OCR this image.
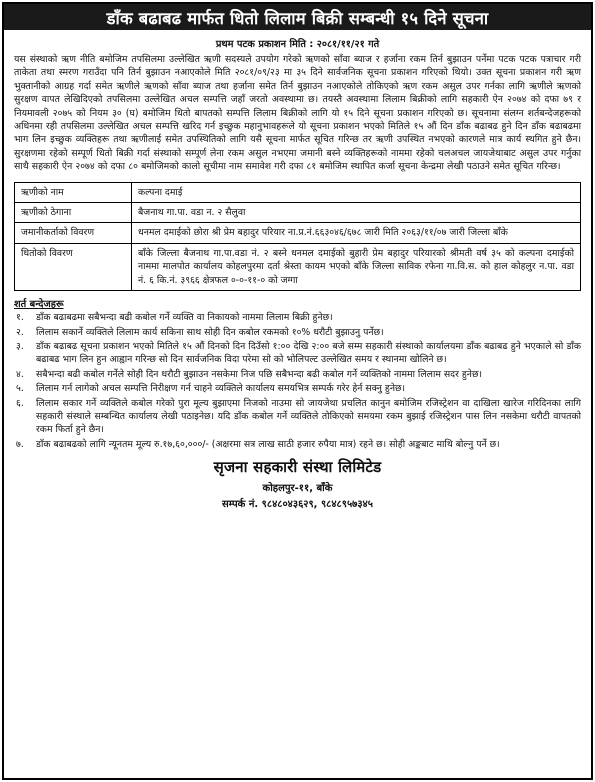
डाँक बढाबढ मार्फत धितो लिलाम बिक्री सम्बन्धी १५ दिने सूचना
प्रथम पटक प्रकाशन मिति : २०८१/११/२१ गते

यस संस्थाको ऋण नीति बमोजिम तपसिलमा उल्लेखित ऋणी सदस्यले उपयोग गरेको ऋणको साँवा ब्याज र हर्जाना रकम तिर्न बुझाउन पर्नेमा पटक पटक पत्राचार गरी ताकेता तथा स्मरण गराउँदा पनि तिर्न बुझाउन नआएकोले मिति २०८१/०९/२३ मा ३५ दिने सार्वजनिक सूचना प्रकाशन गरिएको थियो। उक्त सूचना प्रकाशन गरी ऋण भुक्तानीको आग्रह गर्दा समेत ऋणीले ऋणको साँवा ब्याज तथा हर्जाना समेत तिर्न बुझाउन नआएकोले तोकिएको ऋण रकम असुल उपर गर्नका लागि ऋणीले ऋणको सुरक्षण वापत लेखिदिएको तपसिलमा उल्लेखित अचल सम्पत्ति जहाँ जरतो अवस्थामा छ। तयस्तै अवस्थामा लिलाम बिक्रीको लागि सहकारी ऐन २०७४ को दफा ७९ र नियमावली २०७५ को नियम ३० (घ) बमोजिम धितो बापतको सम्पत्ति लिलाम बिक्रीको लागि यो १५ दिने सूचना प्रकाशन गरिएको छ। सूचनामा संलग्न शर्तबन्देजहरूको अधिनमा रही तपसिलमा उल्लेखित अचल सम्पत्ति खरिद गर्न इच्छुक महानुभावहरूले यो सूचना प्रकाशन भएको मितिले १५ औं दिन डाँक बढाबढ हुने दिन डाँक बढाबढमा भाग लिन इच्छुक व्यक्तिहरू तथा ऋणीलाई समेत उपस्थितिको लागि यसै सूचना मार्फत सूचित गरिन्छ तर ऋणी उपस्थित नभएको कारणले मात्र कार्य स्थगित हुने छैन। सुरक्षणमा रहेको सम्पूर्ण धितो बिक्री गर्दा संस्थाको सम्पूर्ण लेना रकम असुल नभएमा जमानी बस्ने व्यक्तिहरूको नाममा रहेको चलअचल जायजेथाबाट असुल उपर गर्नुका साथै सहकारी ऐन २०७४ को दफा ८० बमोजिमको कालो सूचीमा नाम समावेश गरी दफा ८१ बमोजिम स्थापित कर्जा सूचना केन्द्रमा लेखी पठाउने समेत सूचित गरिन्छ।

ऋणीको नाम	कल्पना दमाई
ऋणीको ठेगाना	बैजनाथ गा.पा. वडा न. २ सैलुवा
जमानीकर्ताको विवरण	धनमल दमाईको छोरा श्री प्रेम बहादुर परियार ना.प्र.नं.६६३०४६/६७८ जारी मिति २०६३/११/०७ जारी जिल्ला बाँके
धितोको विवरण	बाँके जिल्ला बैजनाथ गा.पा.वडा नं. २ बस्ने धनमल दमाईको बुहारी प्रेम बहादुर परियारको श्रीमती वर्ष ३५ को कल्पना दमाईको नाममा मालपोत कार्यालय कोहलपुरमा दर्ता श्रेस्ता कायम भएको बाँके जिल्ला साविक रफेना गा.वि.स. को हाल कोहलुर न.पा. वडा नं. ६ कि.नं. ३९६६ क्षेत्रफल ०-०-११-० को जग्गा
शर्त बन्देजहरू
१.	डाँक बढाबढमा सबैभन्दा बढी कबोल गर्ने व्यक्ति वा निकायको नाममा लिलाम बिक्री हुनेछ।
२.	लिलाम सकार्ने व्यक्तिले लिलाम कार्य सकिना साथ सोही दिन कबोल रकमको १०% धरौटी बुझाउनु पर्नेछ।
३.	डाँक बढाबढ सूचना प्रकाशन भएको मितिले १५ औं दिनको दिन दिउँसो १:०० देखि २:०० बजे सम्म सहकारी संस्थाको कार्यालयमा डाँक बढाबढ हुने भएकाले सो डाँक बढाबढ भाग लिन हुन आह्वान गरिन्छ सो दिन सार्वजनिक विदा परेमा सो को भोलिपल्ट उल्लेखित समय र स्थानमा खोलिने छ।
४.	सबैभन्दा बढी कबोल गर्नेले सोही दिन धरौटी बुझाउन नसकेमा निज पछि सबैभन्दा बढी कबोल गर्ने व्यक्तिको नाममा लिलाम सदर हुनेछ।
५.	लिलाम गर्न लागेको अचल सम्पत्ति निरीक्षण गर्न चाहने व्यक्तिले कार्यालय समयभित्र सम्पर्क गरेर हेर्न सक्नु हुनेछ।
६.	लिलाम सकार गर्ने व्यक्तिले कबोल गरेको पुरा मूल्य बुझाएमा निजको नाउमा सो जायजेथा प्रचलित कानुन बमोजिम रजिस्ट्रेशन वा दाखिला खारेज गरिदिनका लागि सहकारी संस्थाले सम्बन्धित कार्यालय लेखी पठाइनेछ। यदि डाँक कबोल गर्ने व्यक्तिले तोकिएको समयमा रकम बुझाई रजिस्ट्रेशन पास लिन नसकेमा धरौटी वापतको रकम फिर्ता हुने छैन।
७.	डाँक बढाबढको लागि न्यूनतम मूल्य रु.१७,६०,०००/- (अक्षरमा सत्र लाख साठी हजार रुपैया मात्र) रहने छ। सोही अङ्कबाट माथि बोल्नु पर्ने छ।
सृजना सहकारी संस्था लिमिटेड
कोहलपुर-११, बाँके
सम्पर्क नं. ९८४८०४३६२९, ९८४८९५७३४५
